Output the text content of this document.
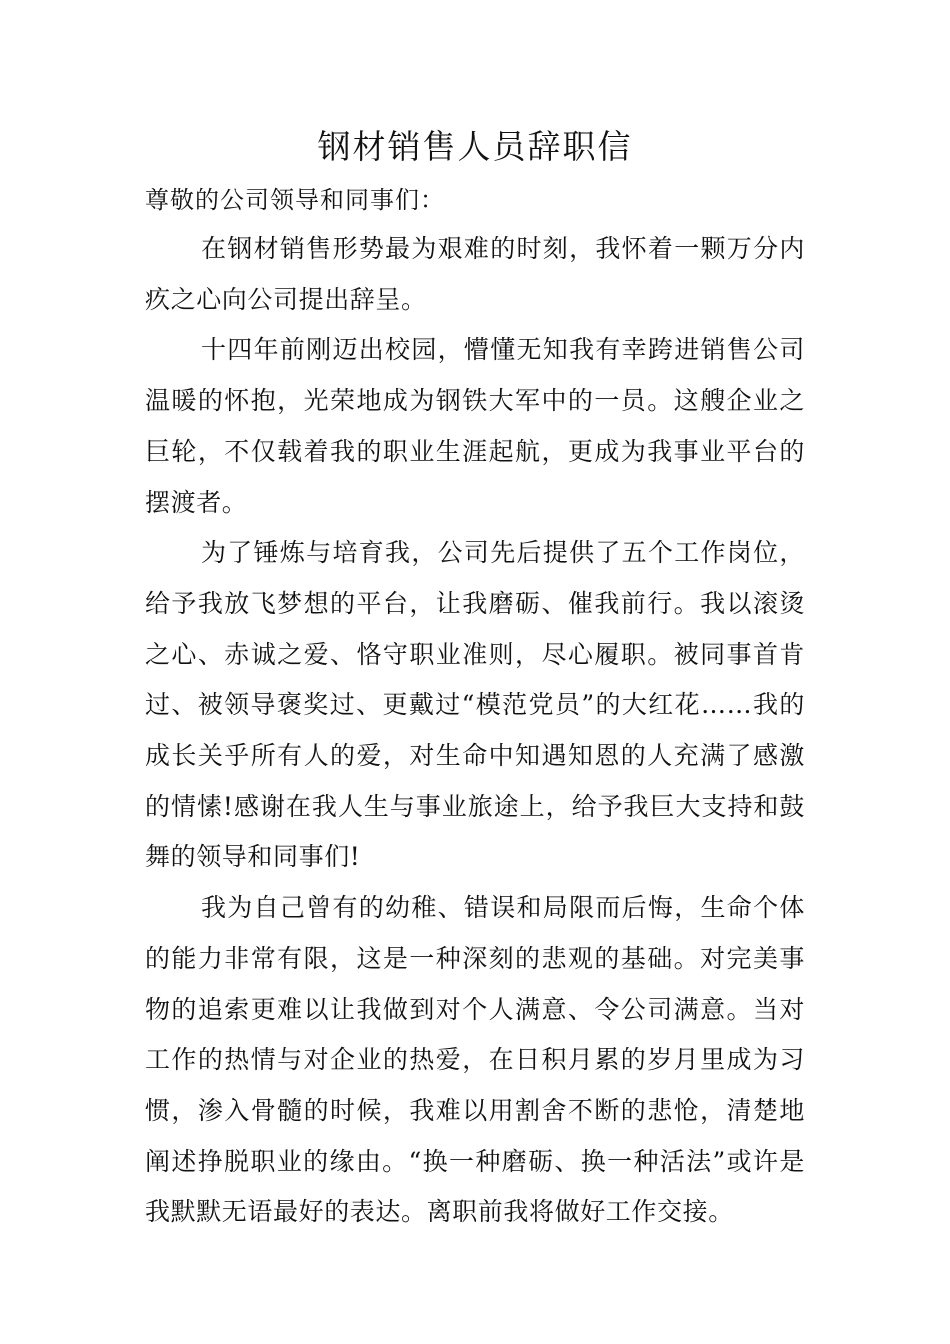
钢材销售人员辞职信
尊敬的公司领导和同事们：

在钢材销售形势最为艰难的时刻，我怀着一颗万分内疚之心向公司提出辞呈。

十四年前刚迈出校园，懵懂无知我有幸跨进销售公司温暖的怀抱，光荣地成为钢铁大军中的一员。这艘企业之巨轮，不仅载着我的职业生涯起航，更成为我事业平台的摆渡者。

为了锤炼与培育我，公司先后提供了五个工作岗位，给予我放飞梦想的平台，让我磨砺、催我前行。我以滚烫之心、赤诚之爱、恪守职业准则，尽心履职。被同事首肯过、被领导褒奖过、更戴过“模范党员”的大红花……我的成长关乎所有人的爱，对生命中知遇知恩的人充满了感激的情愫!感谢在我人生与事业旅途上，给予我巨大支持和鼓舞的领导和同事们!

我为自己曾有的幼稚、错误和局限而后悔，生命个体的能力非常有限，这是一种深刻的悲观的基础。对完美事物的追索更难以让我做到对个人满意、令公司满意。当对工作的热情与对企业的热爱，在日积月累的岁月里成为习惯，渗入骨髓的时候，我难以用割舍不断的悲怆，清楚地阐述挣脱职业的缘由。“换一种磨砺、换一种活法”或许是我默默无语最好的表达。离职前我将做好工作交接。
